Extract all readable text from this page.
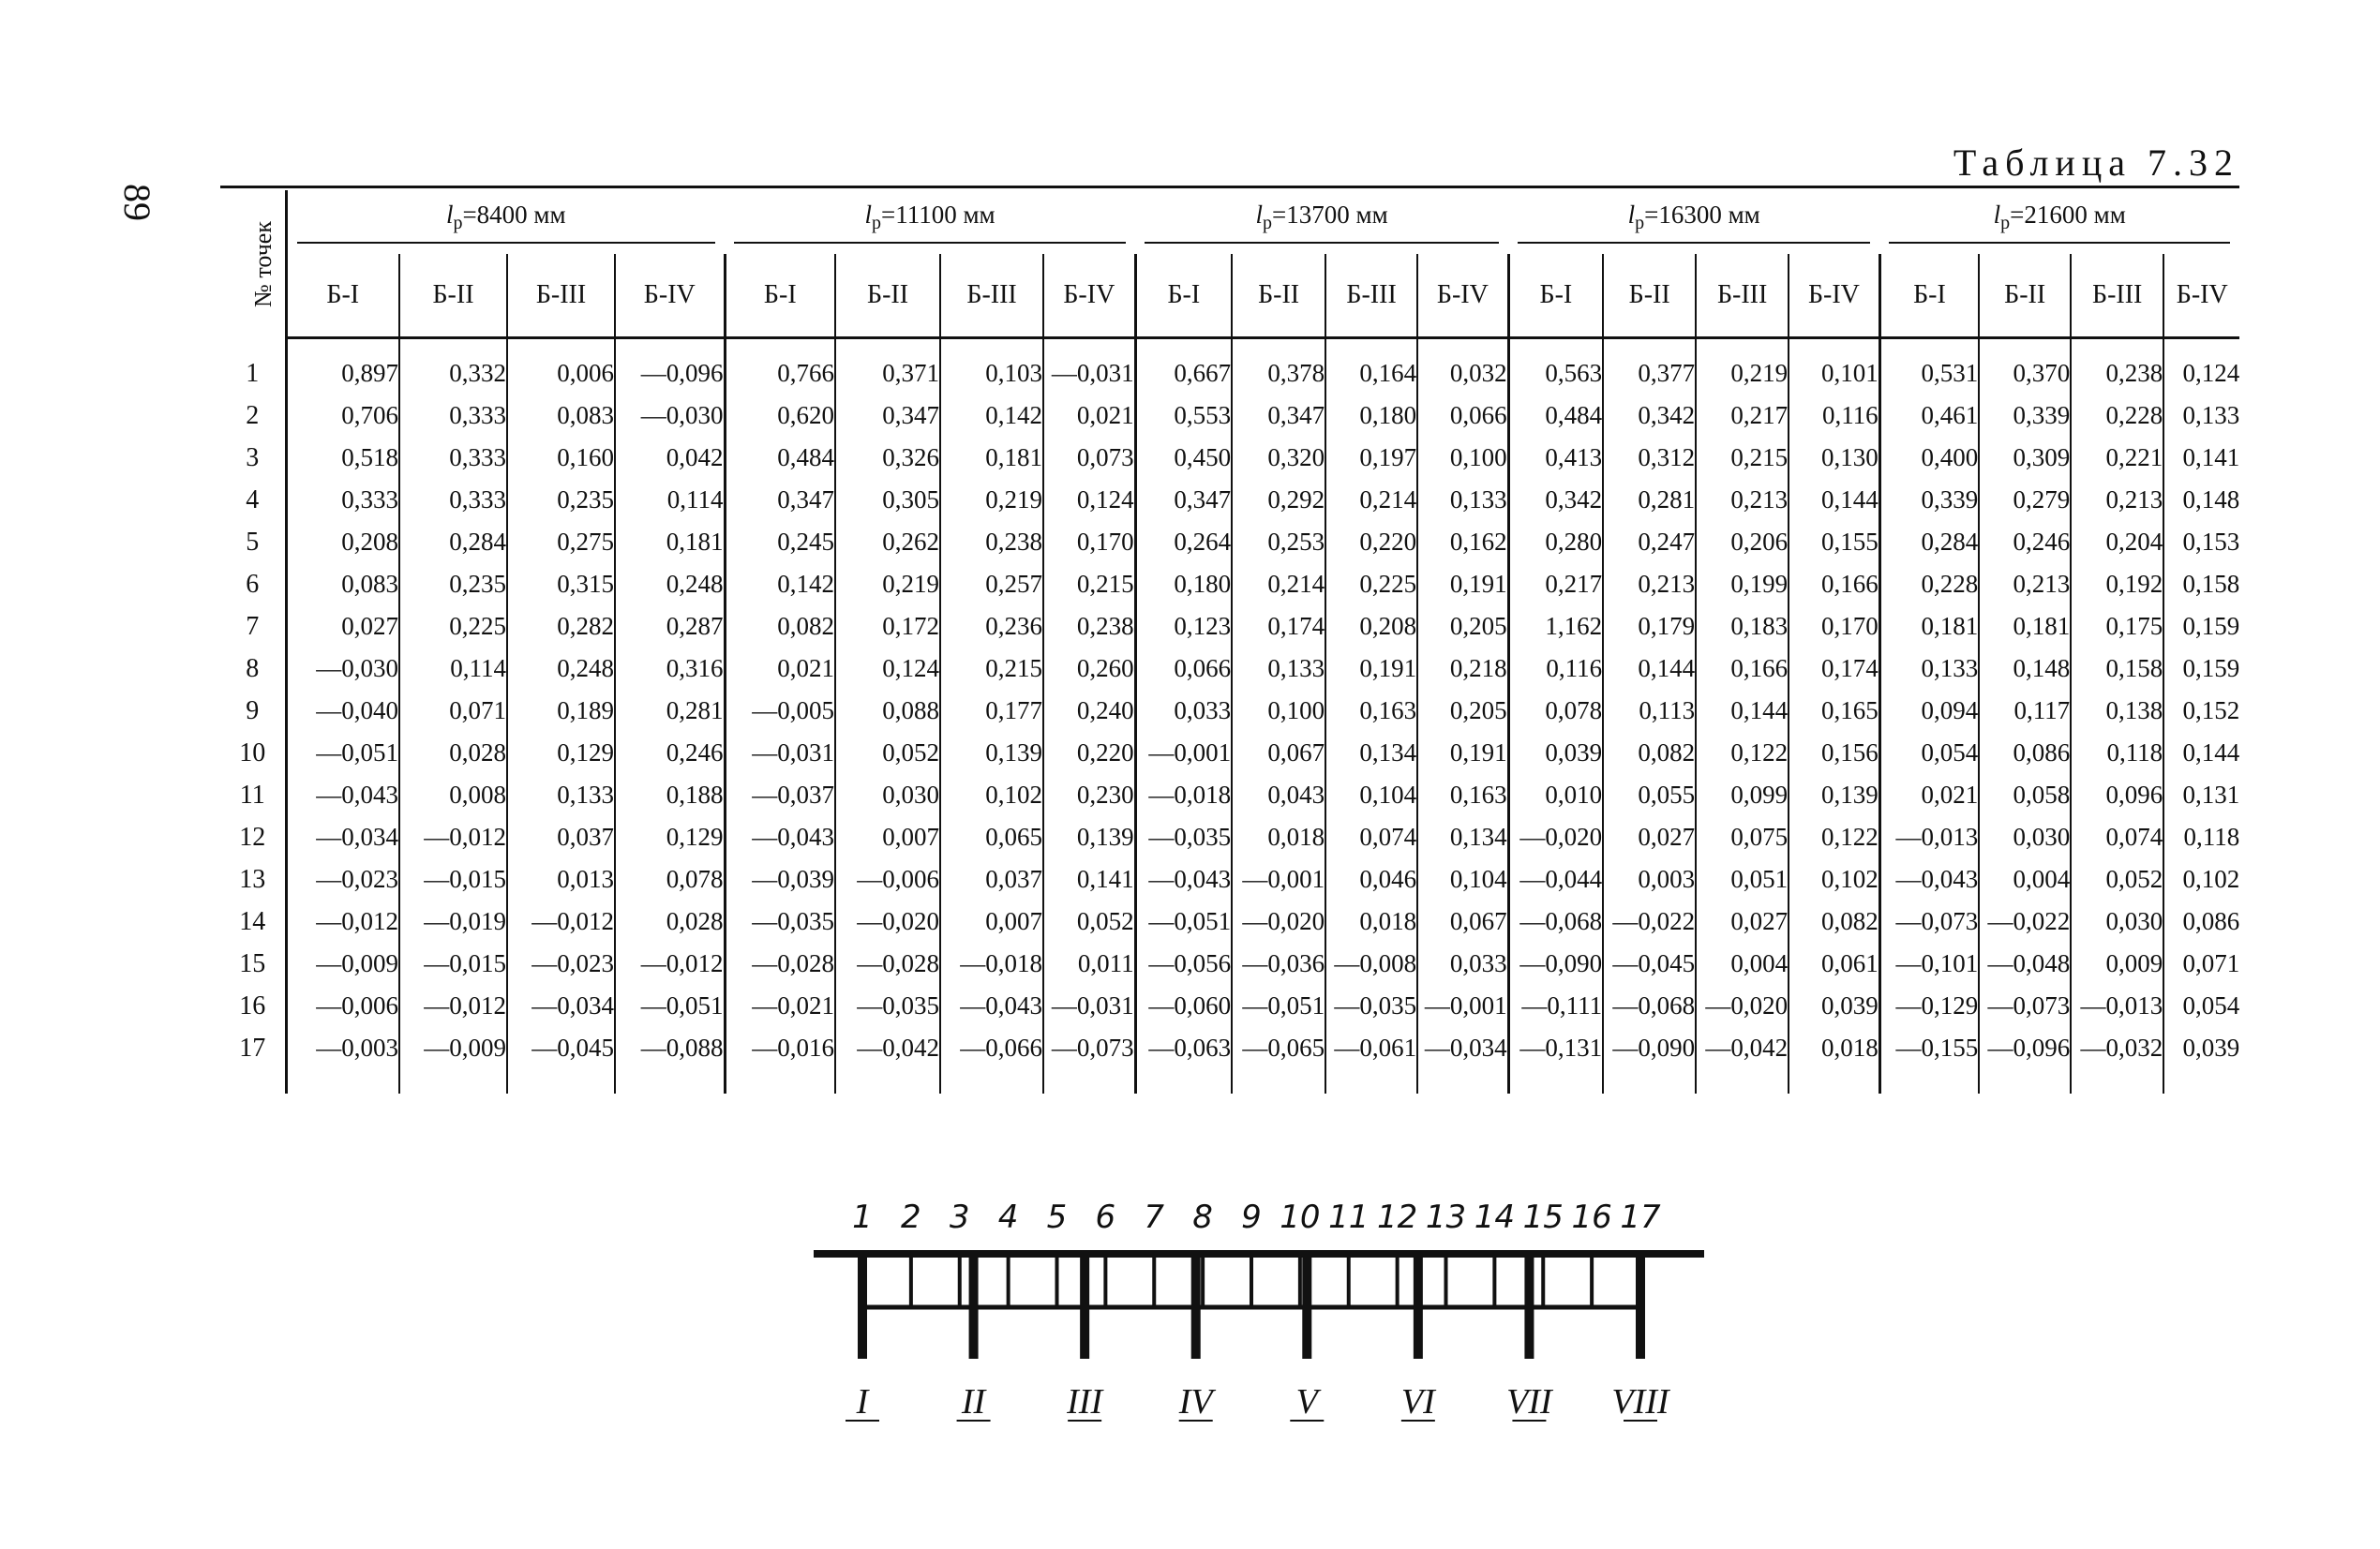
89
Таблица 7.32
№ точек	$l_р=8400$ мм				$l_р=11100$ мм				$l_р=13700$ мм				$l_р=16300$ мм				$l_р=21600$ мм			

	Б-I	Б-II	Б-III	Б-IV	Б-I	Б-II	Б-III	Б-IV	Б-I	Б-II	Б-III	Б-IV	Б-I	Б-II	Б-III	Б-IV	Б-I	Б-II	Б-III	Б-IV

1	0,897	0,332	0,006	—0,096	0,766	0,371	0,103	—0,031	0,667	0,378	0,164	0,032	0,563	0,377	0,219	0,101	0,531	0,370	0,238	0,124
2	0,706	0,333	0,083	—0,030	0,620	0,347	0,142	0,021	0,553	0,347	0,180	0,066	0,484	0,342	0,217	0,116	0,461	0,339	0,228	0,133
3	0,518	0,333	0,160	0,042	0,484	0,326	0,181	0,073	0,450	0,320	0,197	0,100	0,413	0,312	0,215	0,130	0,400	0,309	0,221	0,141
4	0,333	0,333	0,235	0,114	0,347	0,305	0,219	0,124	0,347	0,292	0,214	0,133	0,342	0,281	0,213	0,144	0,339	0,279	0,213	0,148
5	0,208	0,284	0,275	0,181	0,245	0,262	0,238	0,170	0,264	0,253	0,220	0,162	0,280	0,247	0,206	0,155	0,284	0,246	0,204	0,153
6	0,083	0,235	0,315	0,248	0,142	0,219	0,257	0,215	0,180	0,214	0,225	0,191	0,217	0,213	0,199	0,166	0,228	0,213	0,192	0,158
7	0,027	0,225	0,282	0,287	0,082	0,172	0,236	0,238	0,123	0,174	0,208	0,205	1,162	0,179	0,183	0,170	0,181	0,181	0,175	0,159
8	—0,030	0,114	0,248	0,316	0,021	0,124	0,215	0,260	0,066	0,133	0,191	0,218	0,116	0,144	0,166	0,174	0,133	0,148	0,158	0,159
9	—0,040	0,071	0,189	0,281	—0,005	0,088	0,177	0,240	0,033	0,100	0,163	0,205	0,078	0,113	0,144	0,165	0,094	0,117	0,138	0,152
10	—0,051	0,028	0,129	0,246	—0,031	0,052	0,139	0,220	—0,001	0,067	0,134	0,191	0,039	0,082	0,122	0,156	0,054	0,086	0,118	0,144
11	—0,043	0,008	0,133	0,188	—0,037	0,030	0,102	0,230	—0,018	0,043	0,104	0,163	0,010	0,055	0,099	0,139	0,021	0,058	0,096	0,131
12	—0,034	—0,012	0,037	0,129	—0,043	0,007	0,065	0,139	—0,035	0,018	0,074	0,134	—0,020	0,027	0,075	0,122	—0,013	0,030	0,074	0,118
13	—0,023	—0,015	0,013	0,078	—0,039	—0,006	0,037	0,141	—0,043	—0,001	0,046	0,104	—0,044	0,003	0,051	0,102	—0,043	0,004	0,052	0,102
14	—0,012	—0,019	—0,012	0,028	—0,035	—0,020	0,007	0,052	—0,051	—0,020	0,018	0,067	—0,068	—0,022	0,027	0,082	—0,073	—0,022	0,030	0,086
15	—0,009	—0,015	—0,023	—0,012	—0,028	—0,028	—0,018	0,011	—0,056	—0,036	—0,008	0,033	—0,090	—0,045	0,004	0,061	—0,101	—0,048	0,009	0,071
16	—0,006	—0,012	—0,034	—0,051	—0,021	—0,035	—0,043	—0,031	—0,060	—0,051	—0,035	—0,001	—0,111	—0,068	—0,020	0,039	—0,129	—0,073	—0,013	0,054
17	—0,003	—0,009	—0,045	—0,088	—0,016	—0,042	—0,066	—0,073	—0,063	—0,065	—0,061	—0,034	—0,131	—0,090	—0,042	0,018	—0,155	—0,096	—0,032	0,039

1 2 3 4 5 6 7 8 9 10 11 12 13 14 15 16 17
I	II III IV V VI VII VIII
